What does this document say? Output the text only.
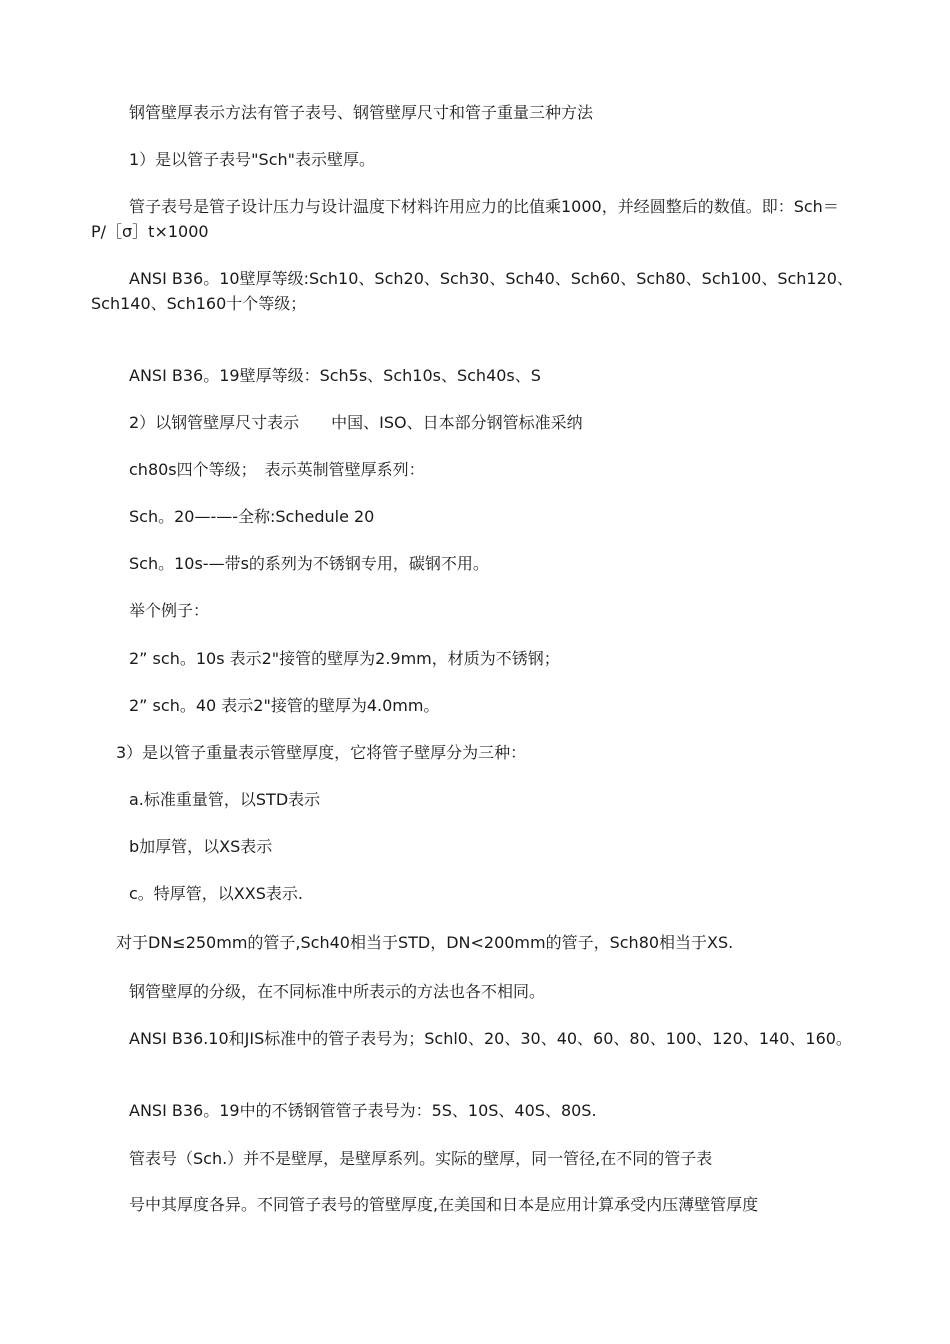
钢管壁厚表示方法有管子表号、钢管壁厚尺寸和管子重量三种方法

1）是以管子表号"Sch"表示壁厚。

管子表号是管子设计压力与设计温度下材料许用应力的比值乘1000，并经圆整后的数值。即：Sch＝P/［σ］t×1000

ANSI B36。10壁厚等级:Sch10、Sch20、Sch30、Sch40、Sch60、Sch80、Sch100、Sch120、Sch140、Sch160十个等级；

ANSI B36。19壁厚等级：Sch5s、Sch10s、Sch40s、S

2）以钢管壁厚尺寸表示　　中国、ISO、日本部分钢管标准采纳

ch80s四个等级；　表示英制管壁厚系列：

Sch。20—-—-全称:Schedule 20

Sch。10s-—带s的系列为不锈钢专用，碳钢不用。

举个例子：

2” sch。10s 表示2"接管的壁厚为2.9mm，材质为不锈钢；

2” sch。40 表示2"接管的壁厚为4.0mm。

3）是以管子重量表示管壁厚度，它将管子壁厚分为三种：

a.标准重量管，以STD表示

b加厚管，以XS表示

c。特厚管，以XXS表示.

对于DN≤250mm的管子,Sch40相当于STD，DN<200mm的管子，Sch80相当于XS.

钢管壁厚的分级，在不同标准中所表示的方法也各不相同。

ANSI B36.10和JIS标准中的管子表号为；Schl0、20、30、40、60、80、100、120、140、160。

ANSI B36。19中的不锈钢管管子表号为：5S、10S、40S、80S.

管表号（Sch.）并不是壁厚，是壁厚系列。实际的壁厚，同一管径,在不同的管子表

号中其厚度各异。不同管子表号的管壁厚度,在美国和日本是应用计算承受内压薄壁管厚度
